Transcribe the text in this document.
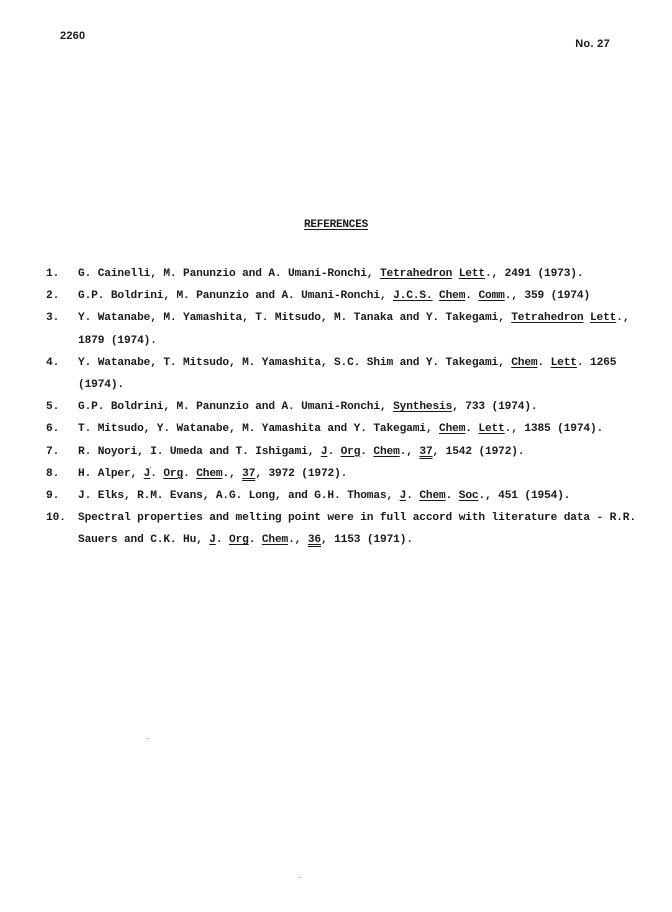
2260
No. 27
REFERENCES
1.	G. Cainelli, M. Panunzio and A. Umani-Ronchi, Tetrahedron Lett., 2491 (1973).
2.	G.P. Boldrini, M. Panunzio and A. Umani-Ronchi, J.C.S. Chem. Comm., 359 (1974)
3.	Y. Watanabe, M. Yamashita, T. Mitsudo, M. Tanaka and Y. Takegami, Tetrahedron Lett., 1879 (1974).
4.	Y. Watanabe, T. Mitsudo, M. Yamashita, S.C. Shim and Y. Takegami, Chem. Lett. 1265 (1974).
5.	G.P. Boldrini, M. Panunzio and A. Umani-Ronchi, Synthesis, 733 (1974).
6.	T. Mitsudo, Y. Watanabe, M. Yamashita and Y. Takegami, Chem. Lett., 1385 (1974).
7.	R. Noyori, I. Umeda and T. Ishigami, J. Org. Chem., 37, 1542 (1972).
8.	H. Alper, J. Org. Chem., 37, 3972 (1972).
9.	J. Elks, R.M. Evans, A.G. Long, and G.H. Thomas, J. Chem. Soc., 451 (1954).
10.	Spectral properties and melting point were in full accord with literature data - R.R. Sauers and C.K. Hu, J. Org. Chem., 36, 1153 (1971).
